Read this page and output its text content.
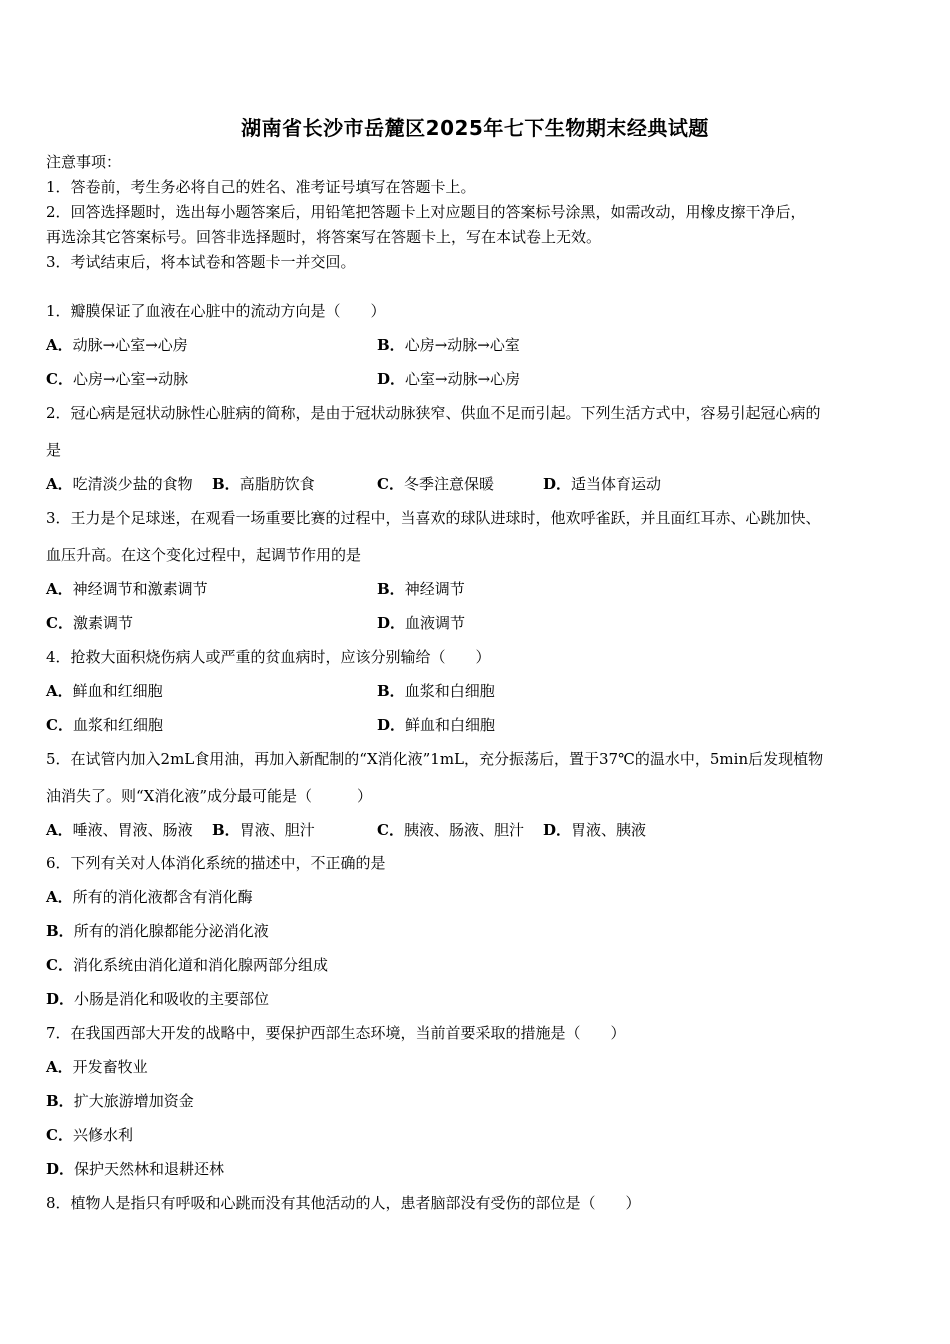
湖南省长沙市岳麓区2025年七下生物期末经典试题
注意事项：
1．答卷前，考生务必将自己的姓名、准考证号填写在答题卡上。
2．回答选择题时，选出每小题答案后，用铅笔把答题卡上对应题目的答案标号涂黑，如需改动，用橡皮擦干净后，
再选涂其它答案标号。回答非选择题时，将答案写在答题卡上，写在本试卷上无效。
3．考试结束后，将本试卷和答题卡一并交回。
1．瓣膜保证了血液在心脏中的流动方向是（　　）
A．动脉→心室→心房	B．心房→动脉→心室
C．心房→心室→动脉	D．心室→动脉→心房
2．冠心病是冠状动脉性心脏病的简称，是由于冠状动脉狭窄、供血不足而引起。下列生活方式中，容易引起冠心病的
是
A．吃清淡少盐的食物 B．高脂肪饮食	C．冬季注意保暖	D．适当体育运动
3．王力是个足球迷，在观看一场重要比赛的过程中，当喜欢的球队进球时，他欢呼雀跃，并且面红耳赤、心跳加快、
血压升高。在这个变化过程中，起调节作用的是
A．神经调节和激素调节	B．神经调节
C．激素调节	D．血液调节
4．抢救大面积烧伤病人或严重的贫血病时，应该分别输给（　　）
A．鲜血和红细胞	B．血浆和白细胞
C．血浆和红细胞	D．鲜血和白细胞
5．在试管内加入2mL食用油，再加入新配制的“X消化液”1mL，充分振荡后，置于37℃的温水中，5min后发现植物
油消失了。则“X消化液”成分最可能是（　　　）
A．唾液、胃液、肠液 B．胃液、胆汁	C．胰液、肠液、胆汁 D．胃液、胰液
6．下列有关对人体消化系统的描述中，不正确的是
A．所有的消化液都含有消化酶
B．所有的消化腺都能分泌消化液
C．消化系统由消化道和消化腺两部分组成
D．小肠是消化和吸收的主要部位
7．在我国西部大开发的战略中，要保护西部生态环境，当前首要采取的措施是（　　）
A．开发畜牧业
B．扩大旅游增加资金
C．兴修水利
D．保护天然林和退耕还林
8．植物人是指只有呼吸和心跳而没有其他活动的人，患者脑部没有受伤的部位是（　　）
